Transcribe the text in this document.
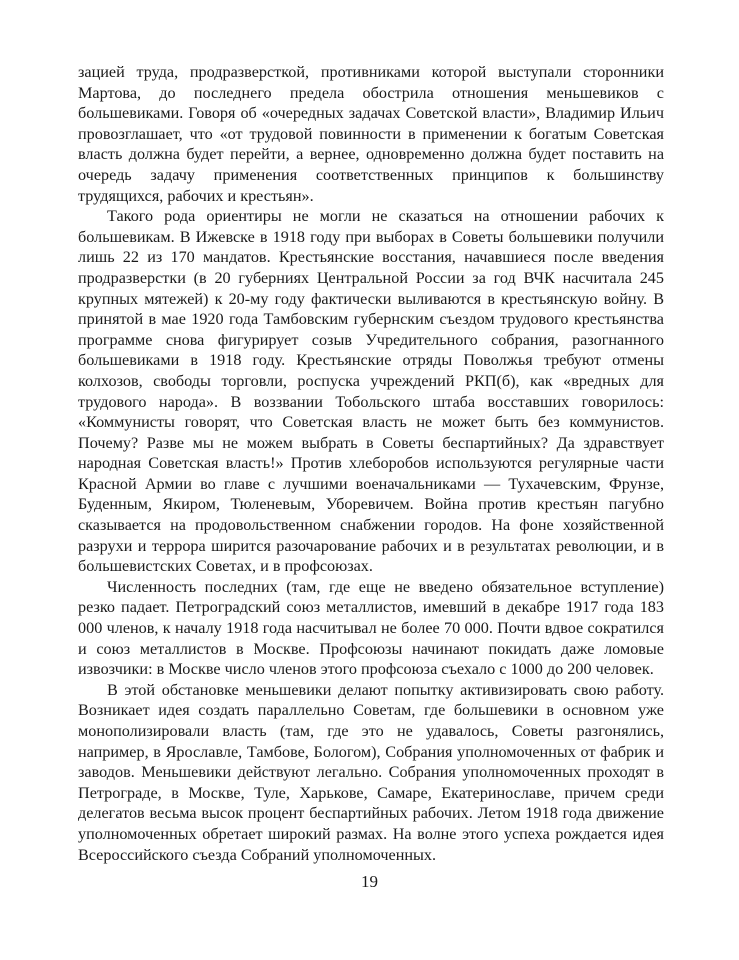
зацией труда, продразверсткой, противниками которой выступали сторонники Мартова, до последнего предела обострила отношения меньшевиков с большевиками. Говоря об «очередных задачах Советской власти», Владимир Ильич провозглашает, что «от трудовой повинности в применении к богатым Советская власть должна будет перейти, а вернее, одновременно должна будет поставить на очередь задачу применения соответственных принципов к большинству трудящихся, рабочих и крестьян».

Такого рода ориентиры не могли не сказаться на отношении рабочих к большевикам. В Ижевске в 1918 году при выборах в Советы большевики получили лишь 22 из 170 мандатов. Крестьянские восстания, начавшиеся после введения продразверстки (в 20 губерниях Центральной России за год ВЧК насчитала 245 крупных мятежей) к 20-му году фактически выливаются в крестьянскую войну. В принятой в мае 1920 года Тамбовским губернским съездом трудового крестьянства программе снова фигурирует созыв Учредительного собрания, разогнанного большевиками в 1918 году. Крестьянские отряды Поволжья требуют отмены колхозов, свободы торговли, роспуска учреждений РКП(б), как «вредных для трудового народа». В воззвании Тобольского штаба восставших говорилось: «Коммунисты говорят, что Советская власть не может быть без коммунистов. Почему? Разве мы не можем выбрать в Советы беспартийных? Да здравствует народная Советская власть!» Против хлеборобов используются регулярные части Красной Армии во главе с лучшими военачальниками — Тухачевским, Фрунзе, Буденным, Якиром, Тюленевым, Уборевичем. Война против крестьян пагубно сказывается на продовольственном снабжении городов. На фоне хозяйственной разрухи и террора ширится разочарование рабочих и в результатах революции, и в большевистских Советах, и в профсоюзах.

Численность последних (там, где еще не введено обязательное вступление) резко падает. Петроградский союз металлистов, имевший в декабре 1917 года 183 000 членов, к началу 1918 года насчитывал не более 70 000. Почти вдвое сократился и союз металлистов в Москве. Профсоюзы начинают покидать даже ломовые извозчики: в Москве число членов этого профсоюза съехало с 1000 до 200 человек.

В этой обстановке меньшевики делают попытку активизировать свою работу. Возникает идея создать параллельно Советам, где большевики в основном уже монополизировали власть (там, где это не удавалось, Советы разгонялись, например, в Ярославле, Тамбове, Бологом), Собрания уполномоченных от фабрик и заводов. Меньшевики действуют легально. Собрания уполномоченных проходят в Петрограде, в Москве, Туле, Харькове, Самаре, Екатеринославе, причем среди делегатов весьма высок процент беспартийных рабочих. Летом 1918 года движение уполномоченных обретает широкий размах. На волне этого успеха рождается идея Всероссийского съезда Собраний уполномоченных.

19
